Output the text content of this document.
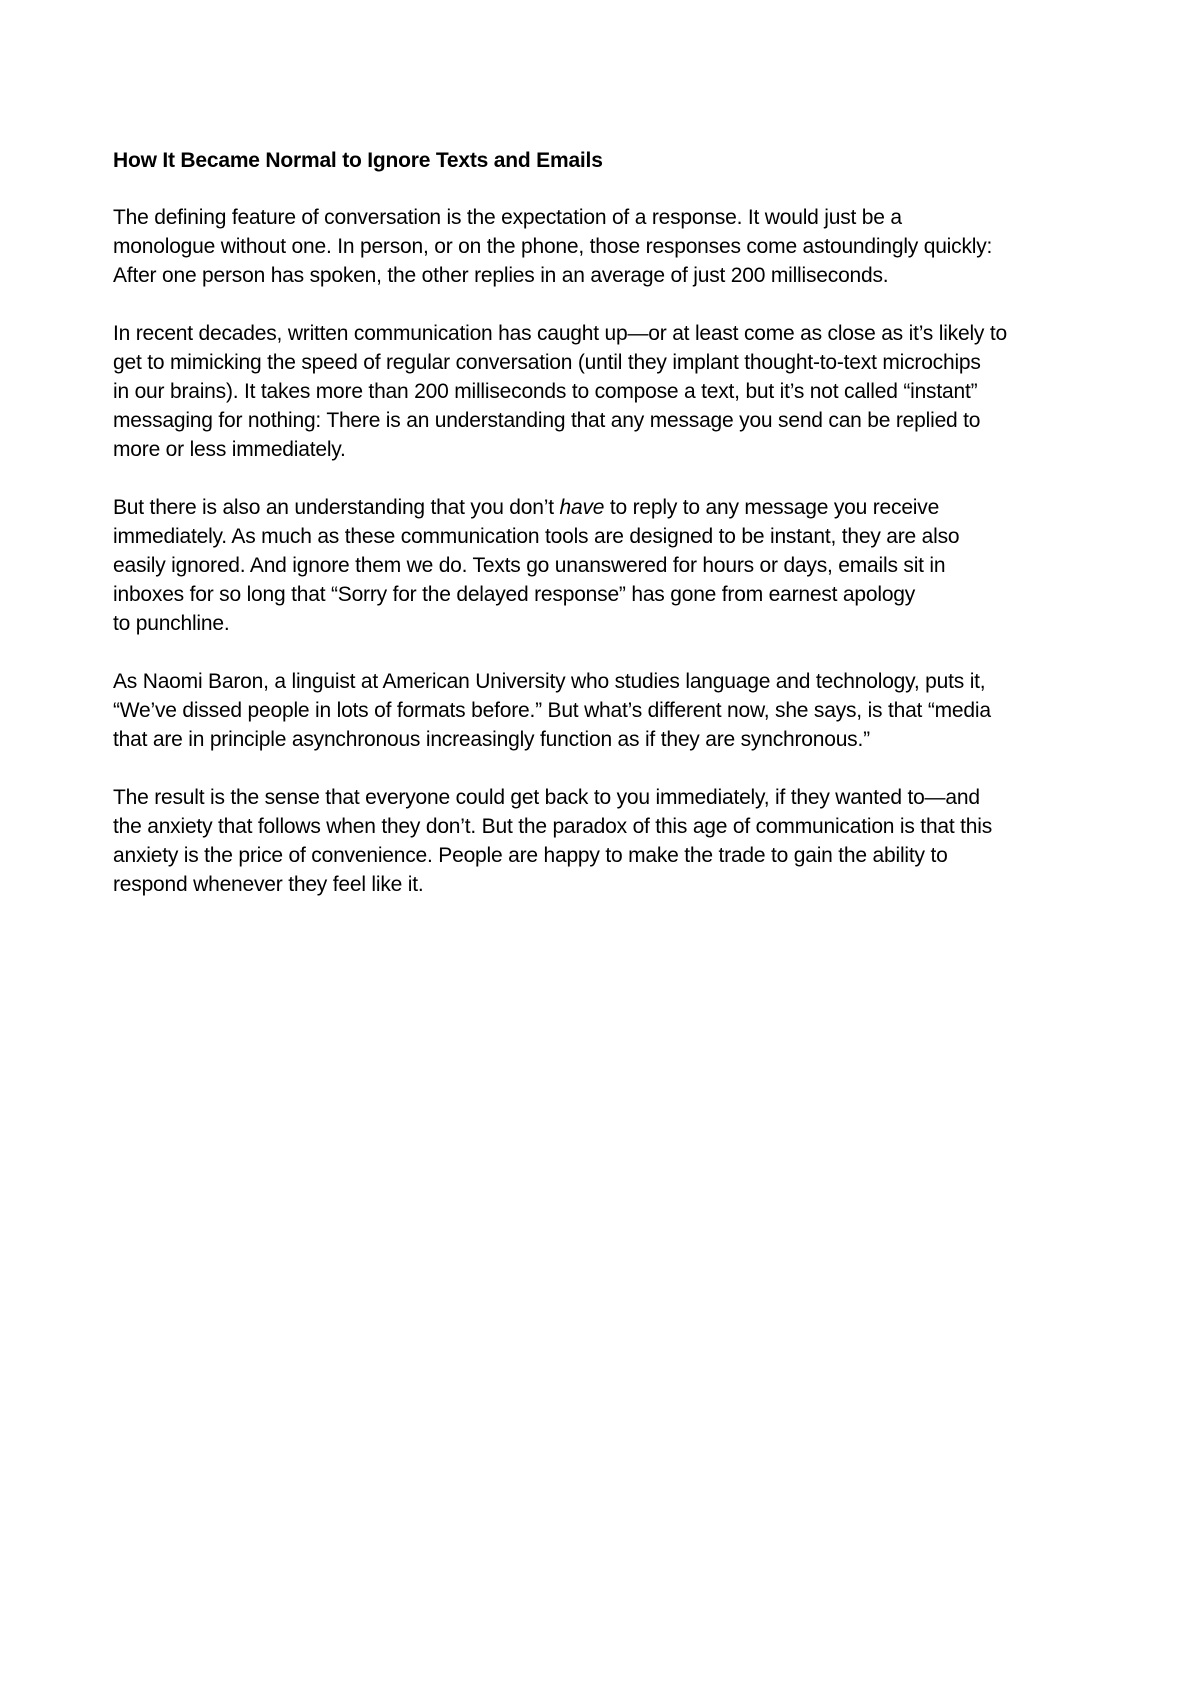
How It Became Normal to Ignore Texts and Emails
The defining feature of conversation is the expectation of a response. It would just be a
monologue without one. In person, or on the phone, those responses come astoundingly quickly:
After one person has spoken, the other replies in an average of just 200 milliseconds.
In recent decades, written communication has caught up—or at least come as close as it’s likely to
get to mimicking the speed of regular conversation (until they implant thought-to-text microchips
in our brains). It takes more than 200 milliseconds to compose a text, but it’s not called “instant”
messaging for nothing: There is an understanding that any message you send can be replied to
more or less immediately.
But there is also an understanding that you don’t have to reply to any message you receive
immediately. As much as these communication tools are designed to be instant, they are also
easily ignored. And ignore them we do. Texts go unanswered for hours or days, emails sit in
inboxes for so long that “Sorry for the delayed response” has gone from earnest apology
to punchline.
As Naomi Baron, a linguist at American University who studies language and technology, puts it,
“We’ve dissed people in lots of formats before.” But what’s different now, she says, is that “media
that are in principle asynchronous increasingly function as if they are synchronous.”
The result is the sense that everyone could get back to you immediately, if they wanted to—and
the anxiety that follows when they don’t. But the paradox of this age of communication is that this
anxiety is the price of convenience. People are happy to make the trade to gain the ability to
respond whenever they feel like it.
